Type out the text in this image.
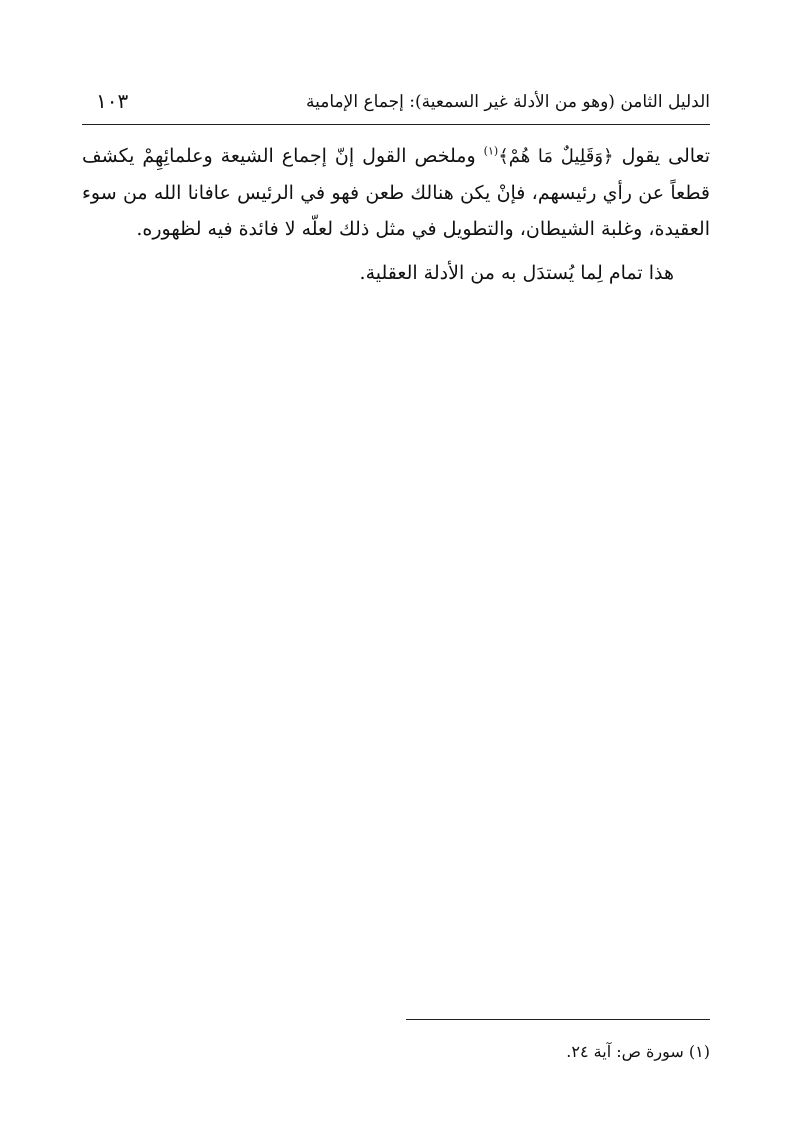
الدليل الثامن (وهو من الأدلة غير السمعية): إجماع الإمامية
١٠٣

تعالى يقول ﴿وَقَلِيلٌ مَا هُمْ﴾$^{(١)}$ وملخص القول إنّ إجماع الشيعة وعلمائِهِمْ يكشف قطعاً عن رأي رئيسهم، فإنْ يكن هنالك طعن فهو في الرئيس عافانا الله من سوء العقيدة، وغلبة الشيطان، والتطويل في مثل ذلك لعلّه لا فائدة فيه لظهوره.

هذا تمام لِما يُستدَل به من الأدلة العقلية.

(١) سورة ص: آية ٢٤.
